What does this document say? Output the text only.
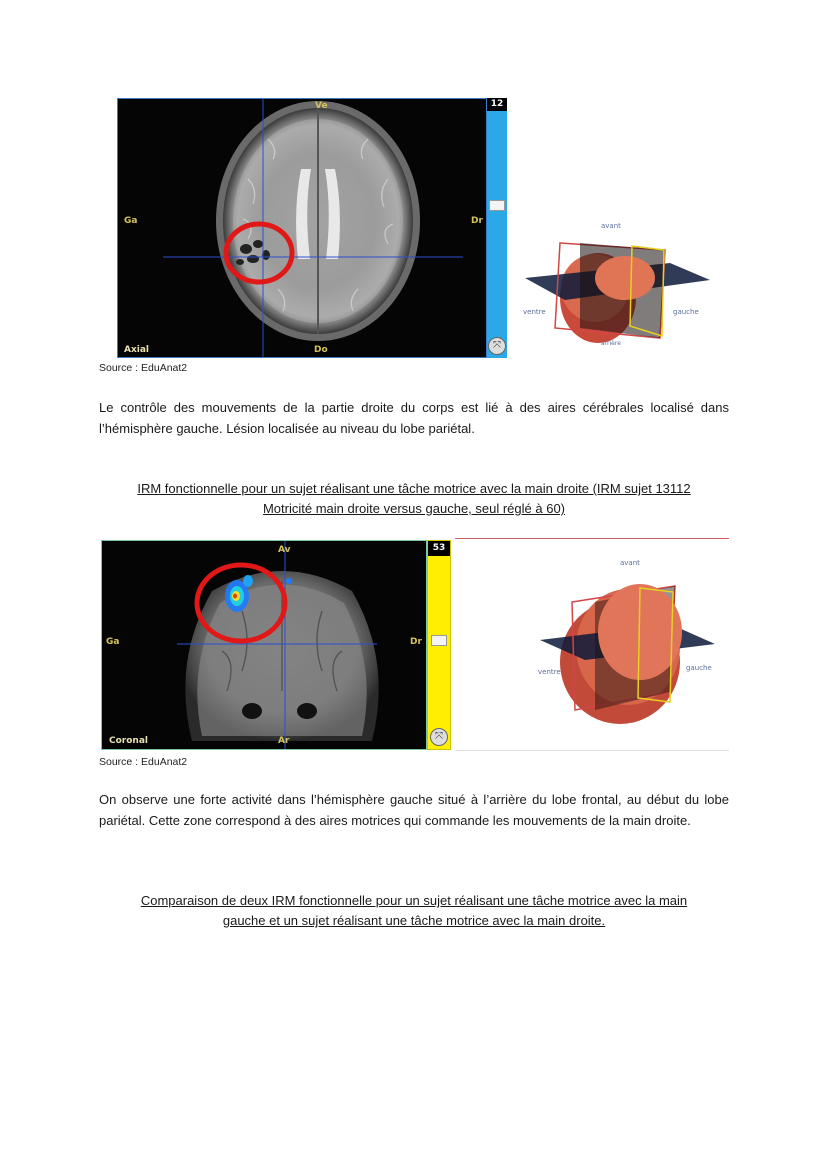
Ve
Ga	Dr
Do
Axial
12
⤧
avant
ventre	gauche
arrière
Source : EduAnat2
Le contrôle des mouvements de la partie droite du corps est lié à des aires cérébrales localisé dans l’hémisphère gauche. Lésion localisée au niveau du lobe pariétal.
IRM fonctionnelle pour un sujet réalisant une tâche motrice avec la main droite (IRM sujet 13112
Motricité main droite versus gauche, seul réglé à 60)
Av
Ga	Dr
Ar
Coronal
53
⤧
avant
ventre	gauche
Source : EduAnat2
On observe une forte activité dans l’hémisphère gauche situé à l’arrière du lobe frontal, au début du lobe pariétal. Cette zone correspond à des aires motrices qui commande les mouvements de la main droite.
Comparaison de deux IRM fonctionnelle pour un sujet réalisant une tâche motrice avec la main
gauche et un sujet réalisant une tâche motrice avec la main droite.
